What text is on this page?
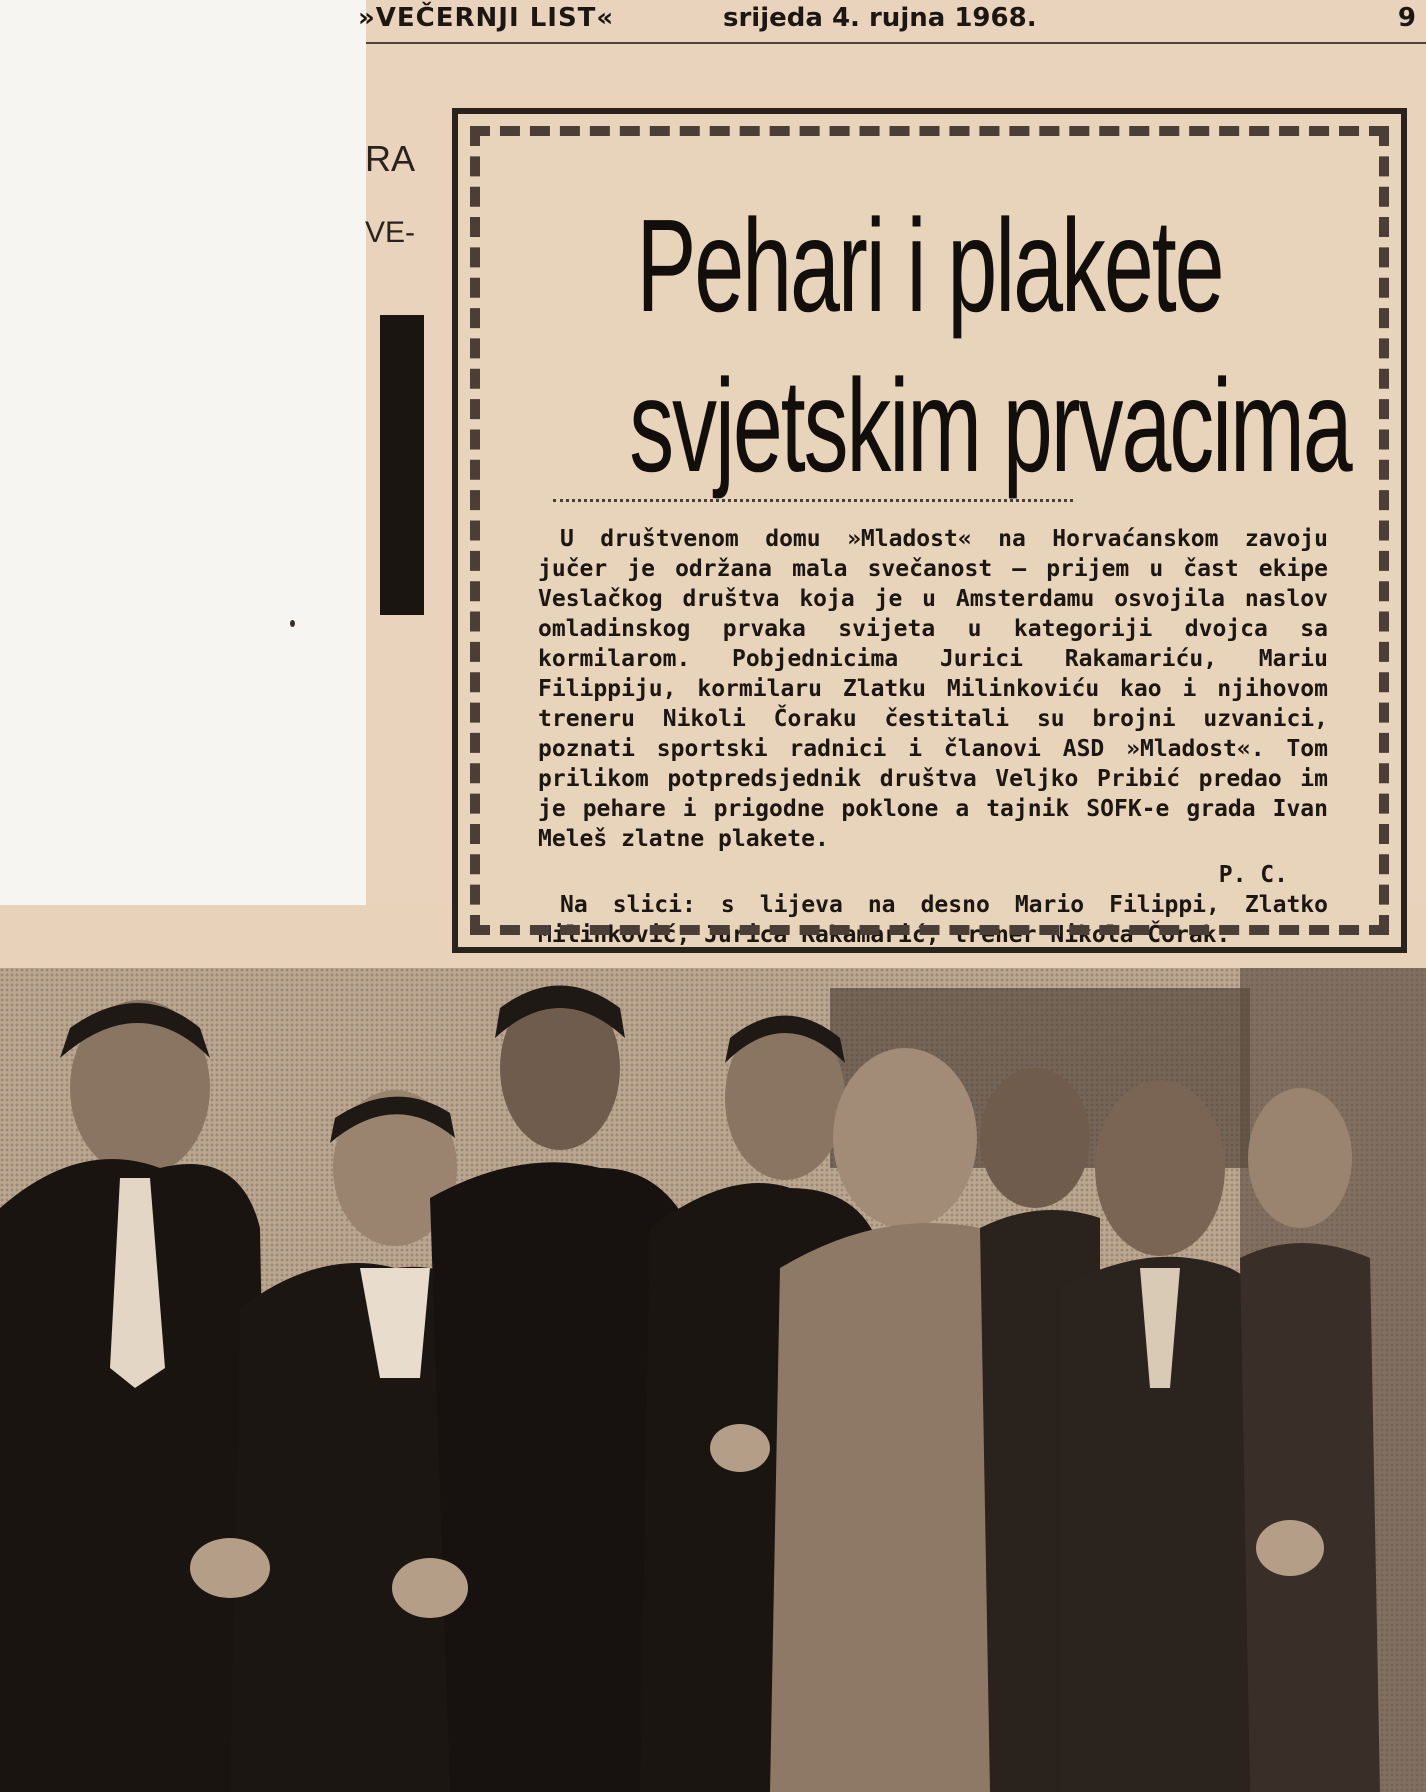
»VEČERNJI LIST«	srijeda 4. rujna 1968.	9
RA
VE- Pehari i plakete
svjetskim prvacima

U društvenom domu »Mladost« na Horvaćanskom zavoju jučer je održana mala svečanost — prijem u čast ekipe Veslačkog društva koja je u Amsterdamu osvojila naslov omladinskog prvaka svijeta u kategoriji dvojca sa kormilarom. Pobjednicima Jurici Rakamariću, Mariu Filippiju, kormilaru Zlatku Milinkoviću kao i njihovom treneru Nikoli Čoraku čestitali su brojni uzvanici, poznati sportski radnici i članovi ASD »Mladost«. Tom prilikom potpredsjednik društva Veljko Pribić predao im je pehare i prigodne poklone a tajnik SOFK-e grada Ivan Meleš zlatne plakete.

P. C.

Na slici: s lijeva na desno Mario Filippi, Zlatko Milinković, Jurica Rakamarić, trener Nikola Čorak.
